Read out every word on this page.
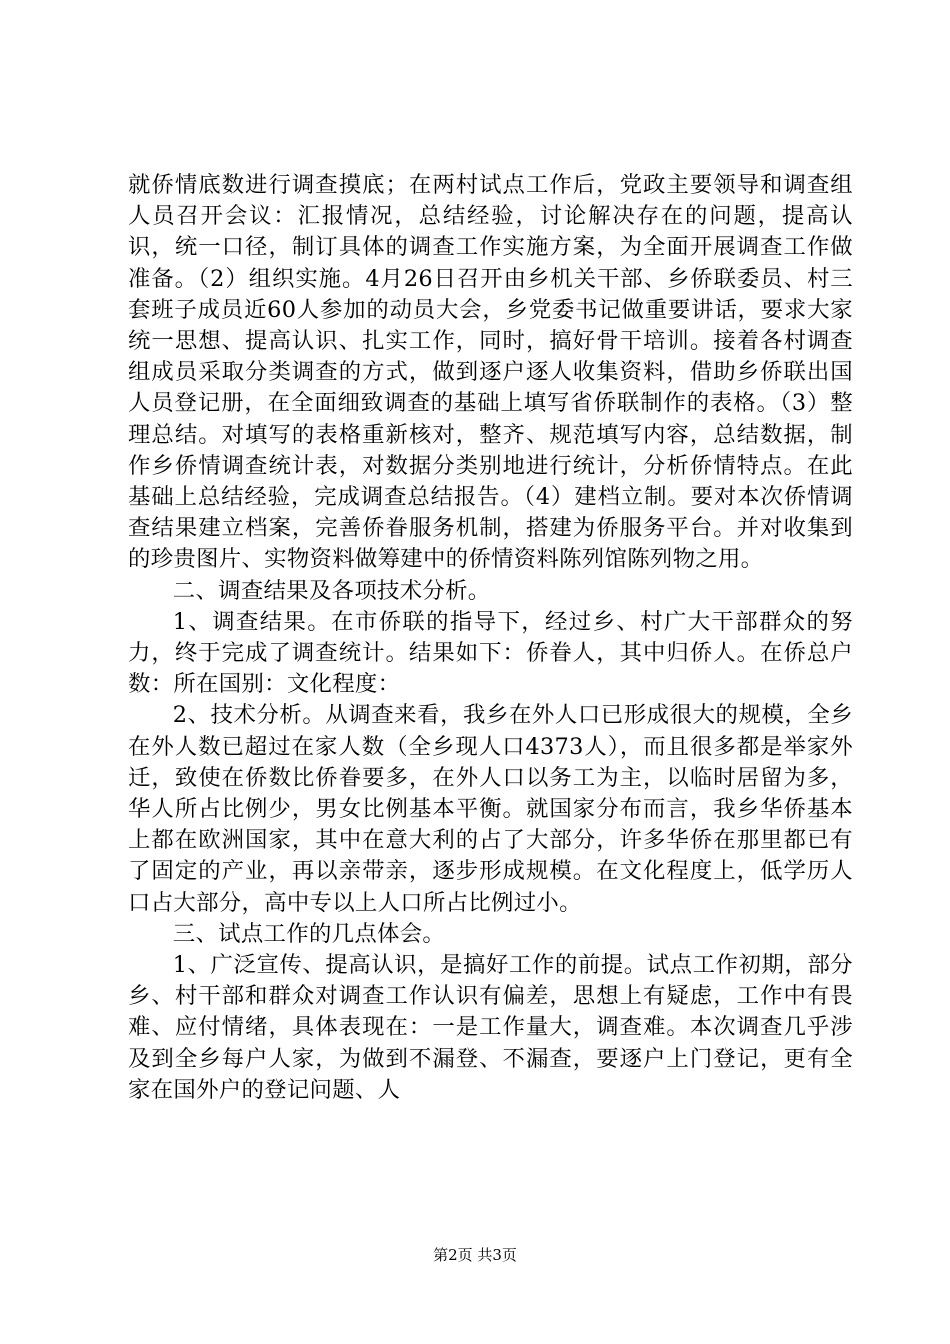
就侨情底数进行调查摸底；在两村试点工作后，党政主要领导和调查组人员召开会议：汇报情况，总结经验，讨论解决存在的问题，提高认识，统一口径，制订具体的调查工作实施方案，为全面开展调查工作做准备。（2）组织实施。4月26日召开由乡机关干部、乡侨联委员、村三套班子成员近60人参加的动员大会，乡党委书记做重要讲话，要求大家统一思想、提高认识、扎实工作，同时，搞好骨干培训。接着各村调查组成员采取分类调查的方式，做到逐户逐人收集资料，借助乡侨联出国人员登记册，在全面细致调查的基础上填写省侨联制作的表格。（3）整理总结。对填写的表格重新核对，整齐、规范填写内容，总结数据，制作乡侨情调查统计表，对数据分类别地进行统计，分析侨情特点。在此基础上总结经验，完成调查总结报告。（4）建档立制。要对本次侨情调查结果建立档案，完善侨眷服务机制，搭建为侨服务平台。并对收集到的珍贵图片、实物资料做筹建中的侨情资料陈列馆陈列物之用。

二、调查结果及各项技术分析。

1、调查结果。在市侨联的指导下，经过乡、村广大干部群众的努力，终于完成了调查统计。结果如下：侨眷人，其中归侨人。在侨总户数：所在国别：文化程度：

2、技术分析。从调查来看，我乡在外人口已形成很大的规模，全乡在外人数已超过在家人数（全乡现人口4373人），而且很多都是举家外迁，致使在侨数比侨眷要多，在外人口以务工为主，以临时居留为多，华人所占比例少，男女比例基本平衡。就国家分布而言，我乡华侨基本上都在欧洲国家，其中在意大利的占了大部分，许多华侨在那里都已有了固定的产业，再以亲带亲，逐步形成规模。在文化程度上，低学历人口占大部分，高中专以上人口所占比例过小。

三、试点工作的几点体会。

1、广泛宣传、提高认识，是搞好工作的前提。试点工作初期，部分乡、村干部和群众对调查工作认识有偏差，思想上有疑虑，工作中有畏难、应付情绪，具体表现在：一是工作量大，调查难。本次调查几乎涉及到全乡每户人家，为做到不漏登、不漏查，要逐户上门登记，更有全家在国外户的登记问题、人

第2页 共3页
